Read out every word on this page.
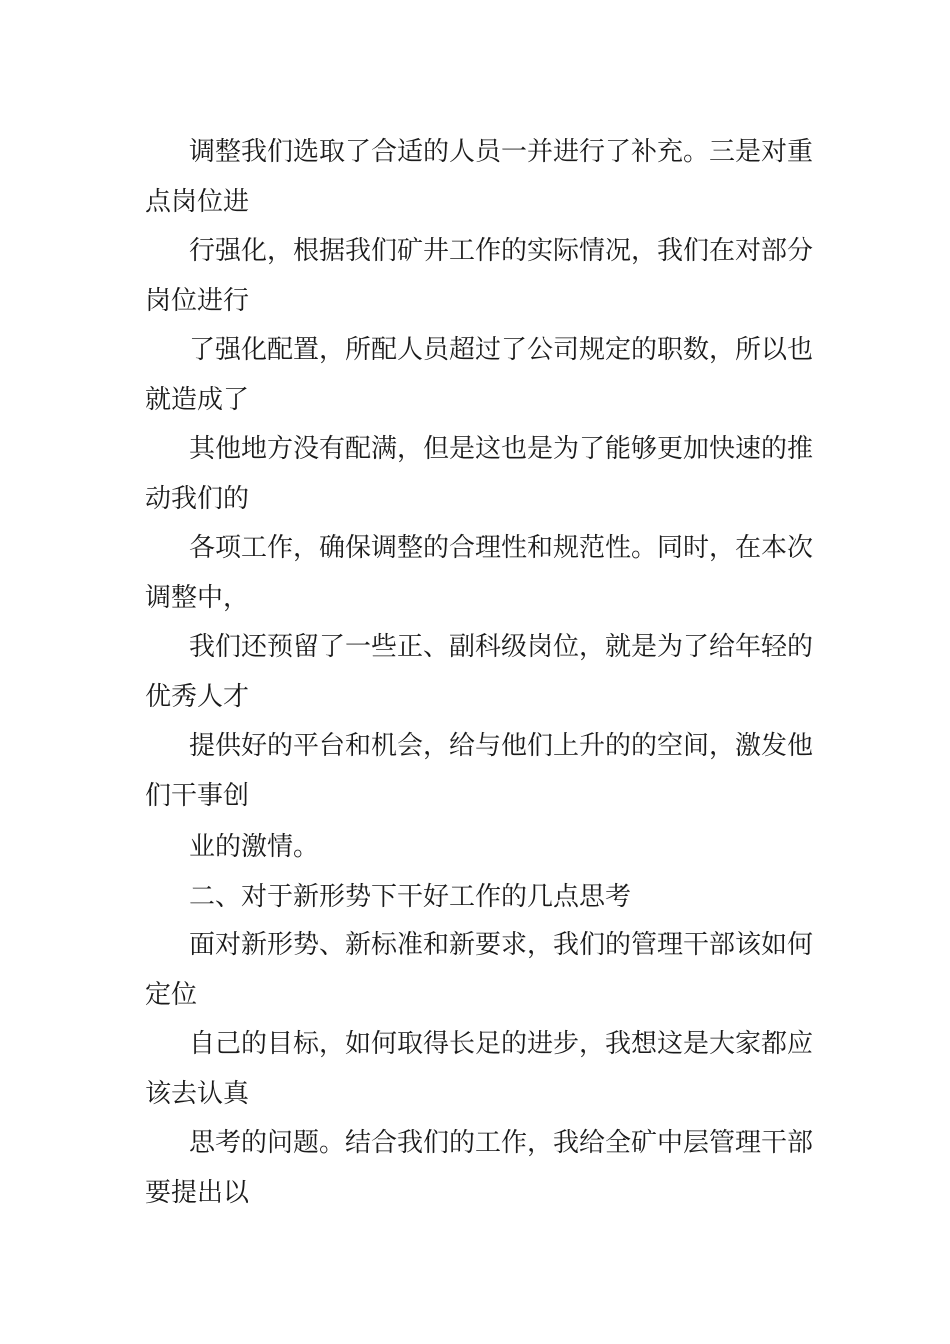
调整我们选取了合适的人员一并进行了补充。三是对重
点岗位进

行强化，根据我们矿井工作的实际情况，我们在对部分
岗位进行

了强化配置，所配人员超过了公司规定的职数，所以也
就造成了

其他地方没有配满，但是这也是为了能够更加快速的推
动我们的

各项工作，确保调整的合理性和规范性。同时，在本次
调整中，

我们还预留了一些正、副科级岗位，就是为了给年轻的
优秀人才

提供好的平台和机会，给与他们上升的的空间，激发他
们干事创

业的激情。

二、对于新形势下干好工作的几点思考

面对新形势、新标准和新要求，我们的管理干部该如何
定位

自己的目标，如何取得长足的进步，我想这是大家都应
该去认真

思考的问题。结合我们的工作，我给全矿中层管理干部
要提出以
